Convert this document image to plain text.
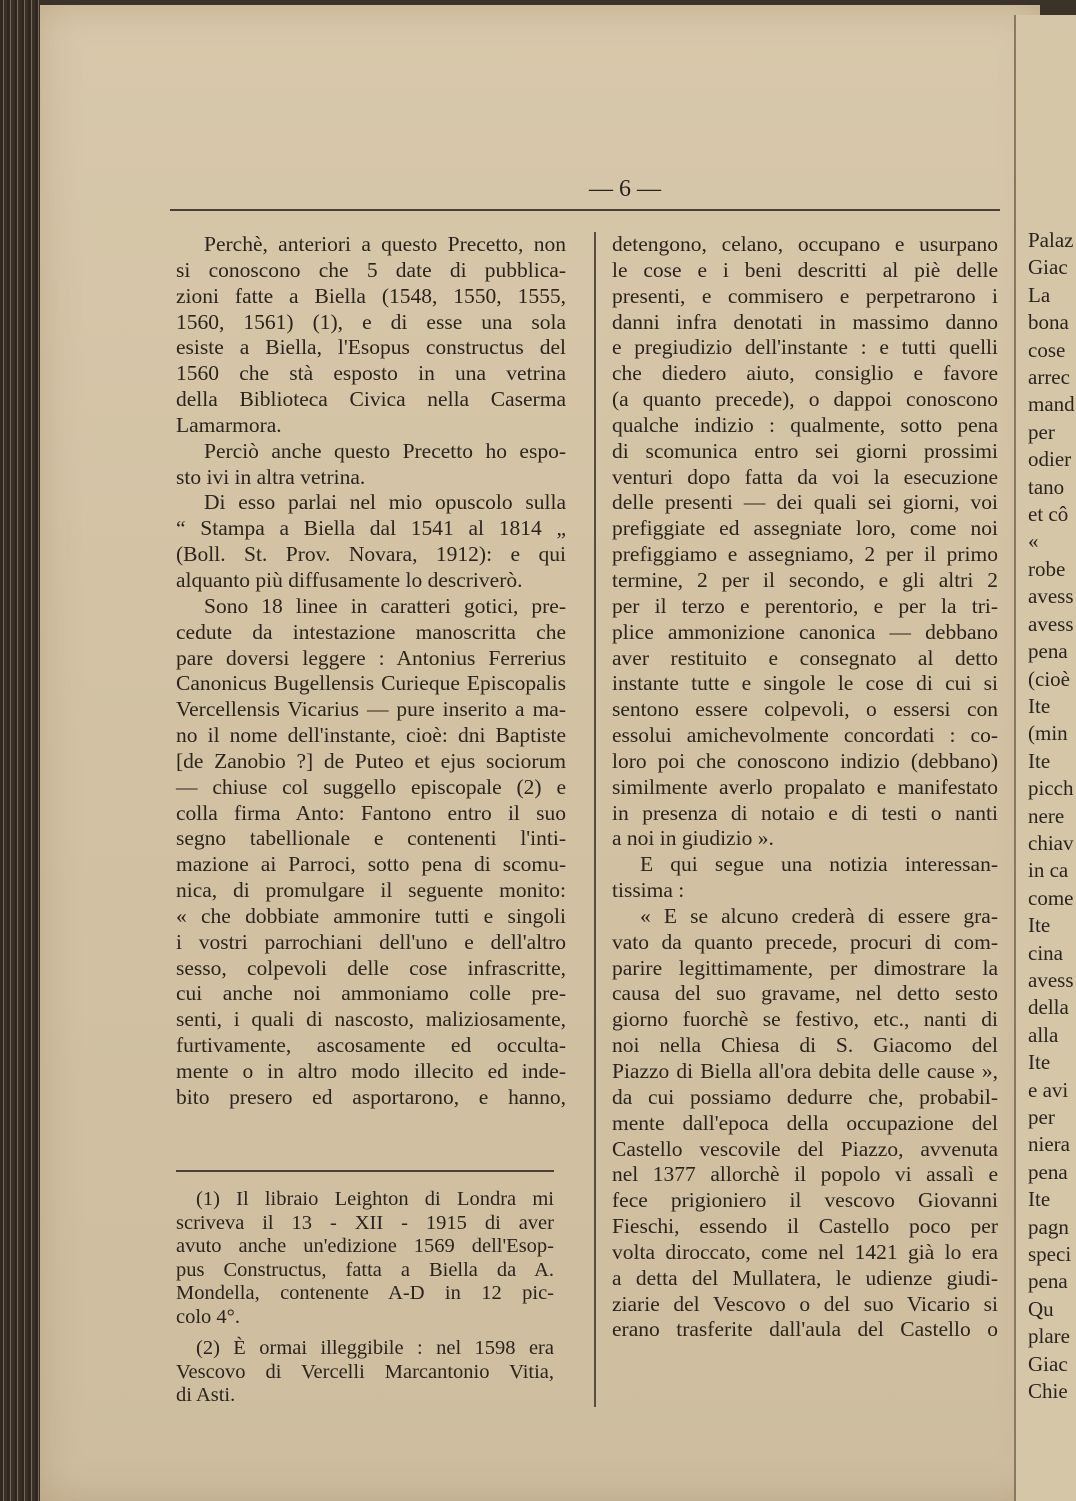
Palaz
Giac
La
bona
cose
arrec
mand
per
odier
tano
et cô
«
robe
avess
avess
pena
(cioè
Ite
(min
Ite
picch
nere
chiav
in ca
come
Ite
cina
avess
della
alla
Ite
e avi
per
niera
pena
Ite
pagn
speci
pena
Qu
plare
Giac
Chie
— 6 —
Perchè, anteriori a questo Precetto, non
si conoscono che 5 date di pubblica-
zioni fatte a Biella (1548, 1550, 1555,
1560, 1561) (1), e di esse una sola
esiste a Biella, l'Esopus constructus del
1560 che stà esposto in una vetrina
della Biblioteca Civica nella Caserma
Lamarmora.
Perciò anche questo Precetto ho espo-
sto ivi in altra vetrina.
Di esso parlai nel mio opuscolo sulla
“ Stampa a Biella dal 1541 al 1814 „
(Boll. St. Prov. Novara, 1912): e qui
alquanto più diffusamente lo descriverò.
Sono 18 linee in caratteri gotici, pre-
cedute da intestazione manoscritta che
pare doversi leggere : Antonius Ferrerius
Canonicus Bugellensis Curieque Episcopalis
Vercellensis Vicarius — pure inserito a ma-
no il nome dell'instante, cioè: dni Baptiste
[de Zanobio ?] de Puteo et ejus sociorum
— chiuse col suggello episcopale (2) e
colla firma Anto: Fantono entro il suo
segno tabellionale e contenenti l'inti-
mazione ai Parroci, sotto pena di scomu-
nica, di promulgare il seguente monito:
« che dobbiate ammonire tutti e singoli
i vostri parrochiani dell'uno e dell'altro
sesso, colpevoli delle cose infrascritte,
cui anche noi ammoniamo colle pre-
senti, i quali di nascosto, maliziosamente,
furtivamente, ascosamente ed occulta-
mente o in altro modo illecito ed inde-
bito presero ed asportarono, e hanno,
(1) Il libraio Leighton di Londra mi
scriveva il 13 - XII - 1915 di aver
avuto anche un'edizione 1569 dell'Esop-
pus Constructus, fatta a Biella da A.
Mondella, contenente A-D in 12 pic-
colo 4°.
(2) È ormai illeggibile : nel 1598 era
Vescovo di Vercelli Marcantonio Vitia,
di Asti.
detengono, celano, occupano e usurpano
le cose e i beni descritti al piè delle
presenti, e commisero e perpetrarono i
danni infra denotati in massimo danno
e pregiudizio dell'instante : e tutti quelli
che diedero aiuto, consiglio e favore
(a quanto precede), o dappoi conoscono
qualche indizio : qualmente, sotto pena
di scomunica entro sei giorni prossimi
venturi dopo fatta da voi la esecuzione
delle presenti — dei quali sei giorni, voi
prefiggiate ed assegniate loro, come noi
prefiggiamo e assegniamo, 2 per il primo
termine, 2 per il secondo, e gli altri 2
per il terzo e perentorio, e per la tri-
plice ammonizione canonica — debbano
aver restituito e consegnato al detto
instante tutte e singole le cose di cui si
sentono essere colpevoli, o essersi con
essolui amichevolmente concordati : co-
loro poi che conoscono indizio (debbano)
similmente averlo propalato e manifestato
in presenza di notaio e di testi o nanti
a noi in giudizio ».
E qui segue una notizia interessan-
tissima :
« E se alcuno crederà di essere gra-
vato da quanto precede, procuri di com-
parire legittimamente, per dimostrare la
causa del suo gravame, nel detto sesto
giorno fuorchè se festivo, etc., nanti di
noi nella Chiesa di S. Giacomo del
Piazzo di Biella all'ora debita delle cause »,
da cui possiamo dedurre che, probabil-
mente dall'epoca della occupazione del
Castello vescovile del Piazzo, avvenuta
nel 1377 allorchè il popolo vi assalì e
fece prigioniero il vescovo Giovanni
Fieschi, essendo il Castello poco per
volta diroccato, come nel 1421 già lo era
a detta del Mullatera, le udienze giudi-
ziarie del Vescovo o del suo Vicario si
erano trasferite dall'aula del Castello o
